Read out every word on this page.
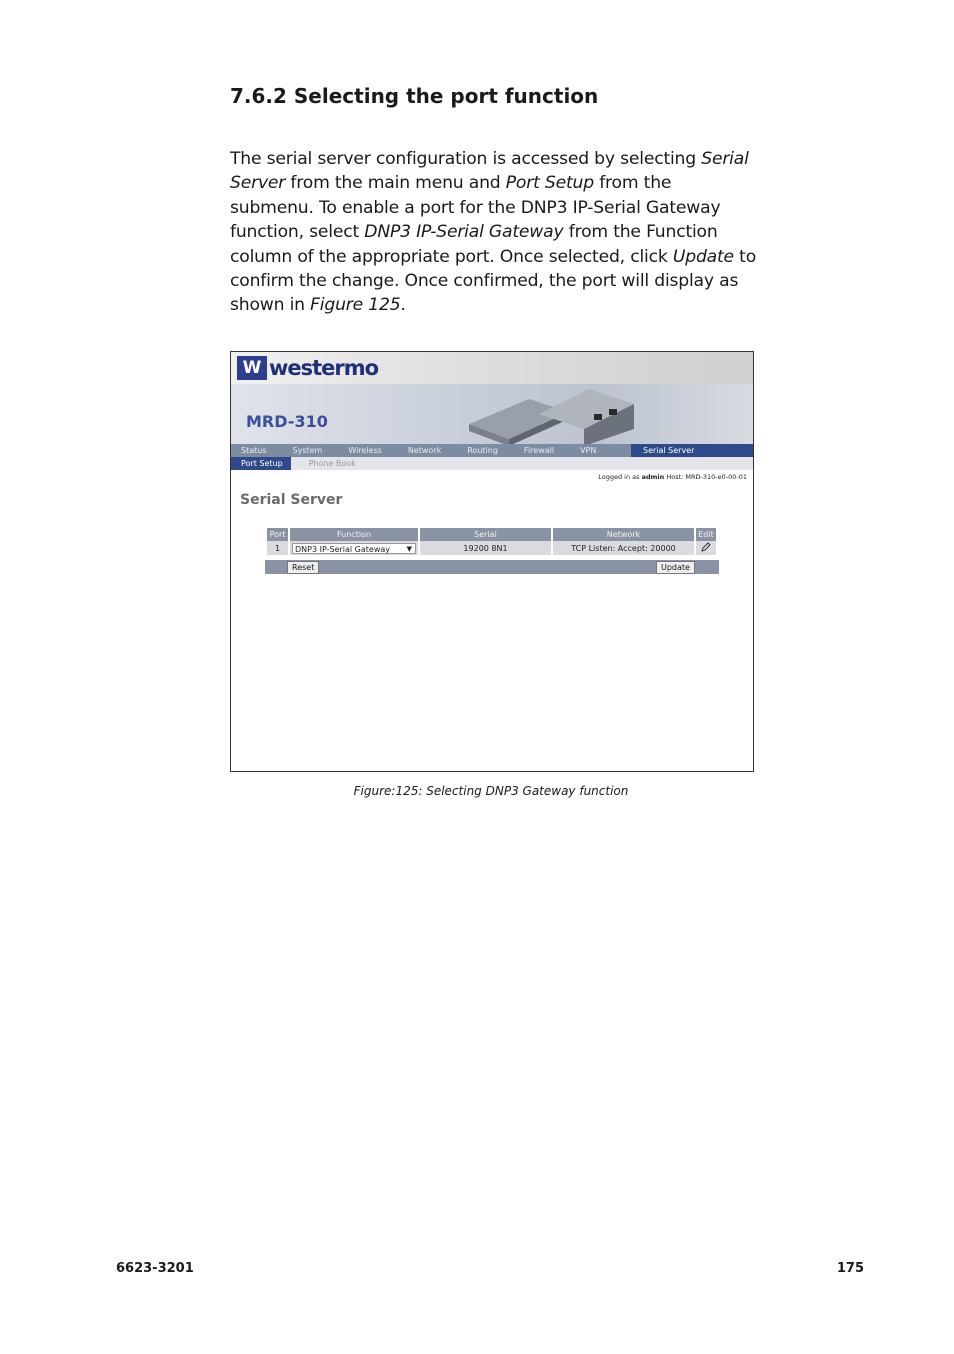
7.6.2 Selecting the port function

The serial server configuration is accessed by selecting Serial Server from the main menu and Port Setup from the submenu. To enable a port for the DNP3 IP-Serial Gateway function, select DNP3 IP-Serial Gateway from the Function column of the appropriate port. Once selected, click Update to confirm the change. Once confirmed, the port will display as shown in Figure 125.

W westermo
MRD-310
Status	System	Wireless	Network	Routing	Firewall	VPN	Serial Server
Port Setup	Phone Book
Logged in as admin Host: MRD-310-e0-00-01
Serial Server
Port	Function	Serial	Network	Edit
1	DNP3 IP-Serial Gateway ▼	19200 8N1	TCP Listen: Accept: 20000	
Reset	Update
Figure:125: Selecting DNP3 Gateway function
6623-3201	175
